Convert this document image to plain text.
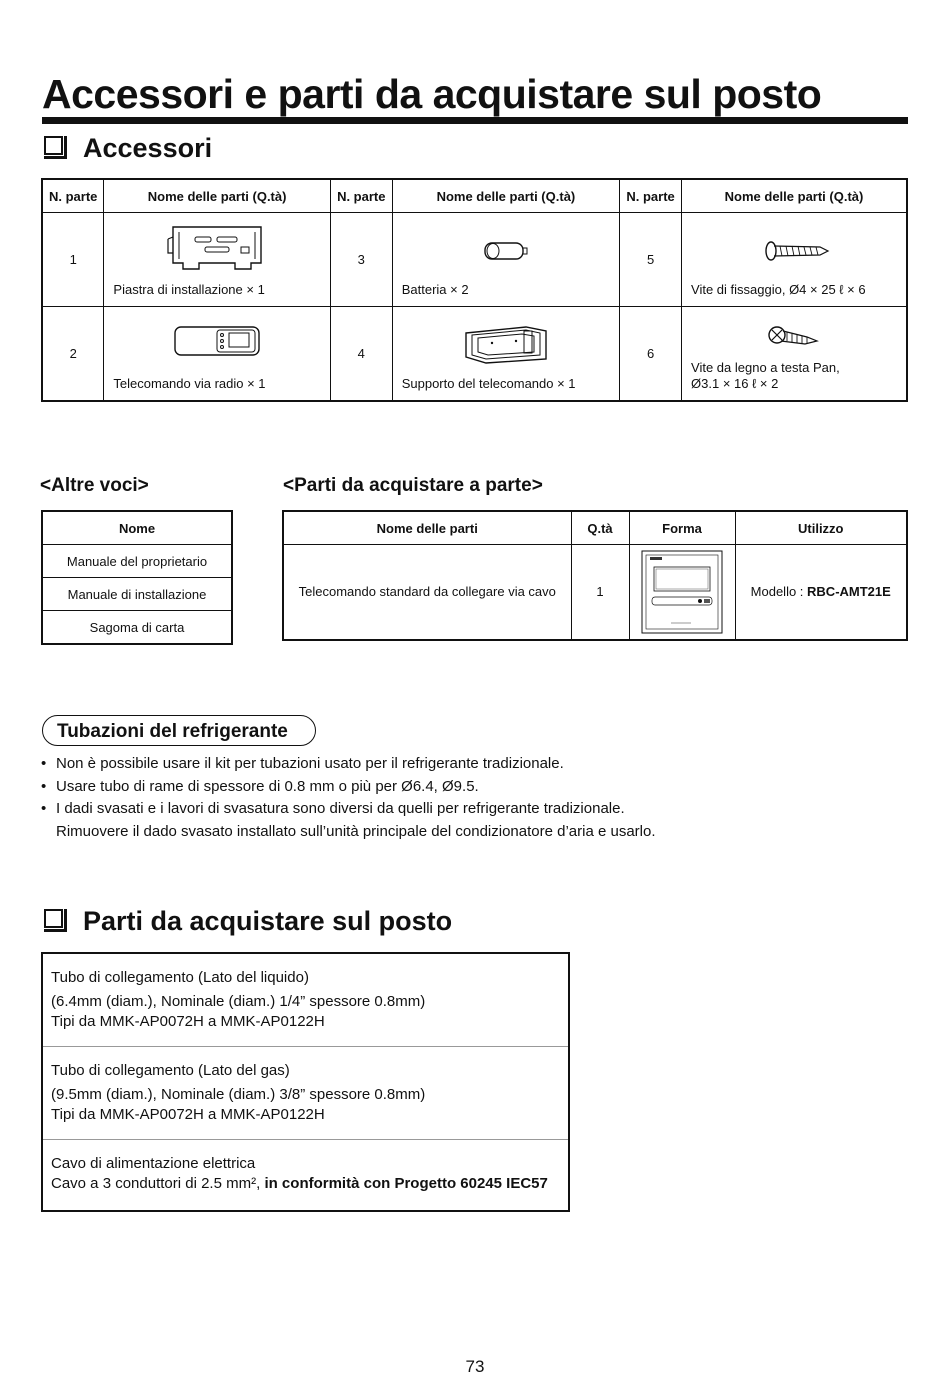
Accessori e parti da acquistare sul posto
Accessori
N. parte	Nome delle parti (Q.tà)	N. parte	Nome delle parti (Q.tà)	N. parte	Nome delle parti (Q.tà)
1	Piastra di installazione × 1	3	Batteria × 2	5	Vite di fissaggio, Ø4 × 25 ℓ × 6

2	Telecomando via radio × 1	4	Supporto del telecomando × 1	6	Vite da legno a testa Pan,
Ø3.1 × 16 ℓ × 2
<Altre voci>	<Parti da acquistare a parte>
Nome
Manuale del proprietario
Manuale di installazione
Sagoma di carta
Nome delle parti	Q.tà	Forma	Utilizzo
Telecomando standard da collegare via cavo	1		Modello : RBC-AMT21E
Tubazioni del refrigerante
• Non è possibile usare il kit per tubazioni usato per il refrigerante tradizionale.
• Usare tubo di rame di spessore di 0.8 mm o più per Ø6.4, Ø9.5.
• I dadi svasati e i lavori di svasatura sono diversi da quelli per refrigerante tradizionale.
Rimuovere il dado svasato installato sull’unità principale del condizionatore d’aria e usarlo.
Parti da acquistare sul posto
Tubo di collegamento (Lato del liquido)
(6.4mm (diam.), Nominale (diam.) 1/4” spessore 0.8mm)
Tipi da MMK-AP0072H a MMK-AP0122H
Tubo di collegamento (Lato del gas)
(9.5mm (diam.), Nominale (diam.) 3/8” spessore 0.8mm)
Tipi da MMK-AP0072H a MMK-AP0122H
Cavo di alimentazione elettrica
Cavo a 3 conduttori di 2.5 mm², in conformità con Progetto 60245 IEC57
73
